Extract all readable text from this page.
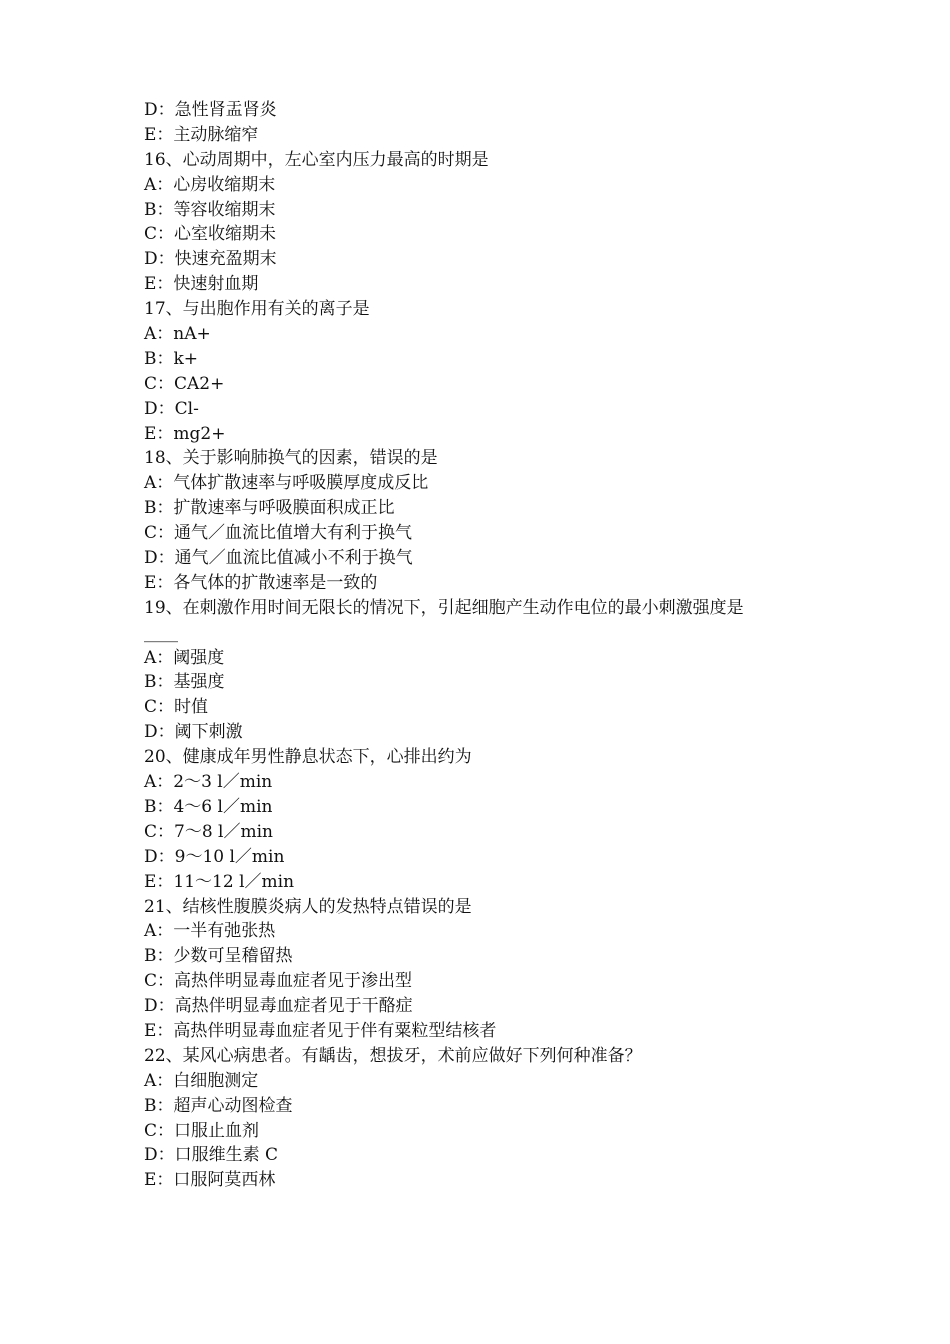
D：急性肾盂肾炎
E：主动脉缩窄
16、心动周期中，左心室内压力最高的时期是
A：心房收缩期末
B：等容收缩期末
C：心室收缩期未
D：快速充盈期末
E：快速射血期
17、与出胞作用有关的离子是
A：nA+
B：k+
C：CA2+
D：Cl-
E：mg2+
18、关于影响肺换气的因素，错误的是
A：气体扩散速率与呼吸膜厚度成反比
B：扩散速率与呼吸膜面积成正比
C：通气／血流比值增大有利于换气
D：通气／血流比值减小不利于换气
E：各气体的扩散速率是一致的
19、在刺激作用时间无限长的情况下，引起细胞产生动作电位的最小刺激强度是
____
A：阈强度
B：基强度
C：时值
D：阈下刺激
20、健康成年男性静息状态下，心排出约为
A：2～3 l／min
B：4～6 l／min
C：7～8 l／min
D：9～10 l／min
E：11～12 l／min
21、结核性腹膜炎病人的发热特点错误的是
A：一半有弛张热
B：少数可呈稽留热
C：高热伴明显毒血症者见于渗出型
D：高热伴明显毒血症者见于干酪症
E：高热伴明显毒血症者见于伴有粟粒型结核者
22、某风心病患者。有龋齿，想拔牙，术前应做好下列何种准备？
A：白细胞测定
B：超声心动图检查
C：口服止血剂
D：口服维生素 C
E：口服阿莫西林
